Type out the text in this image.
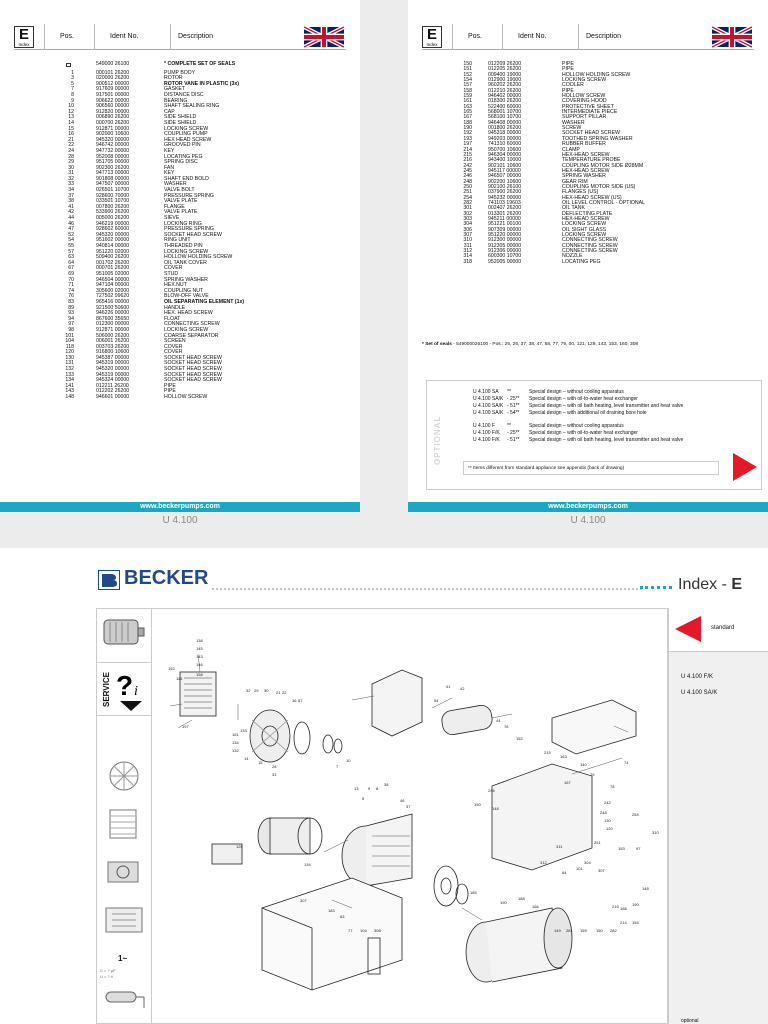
E
Index
Pos.	Ident No.	Description
549000 26100	* COMPLETE SET OF SEALS
1	000101 26200	PUMP BODY
3	020000 26200	ROTOR
5	900512 00000	ROTOR VANE IN PLASTIC (3x)
7	917609 00000	GASKET
8	917501 00000	DISTANCE DISC
9	906622 00000	BEARING
10	906560 00000	SHAFT SEALING RING
12	912820 00000	CAP
13	006890 26200	SIDE SHIELD
14	000700 26200	SIDE SHIELD
15	912871 00000	LOCKING SCREW
16	902000 10600	COUPLING PUMP
21	945320 00000	HEX HEAD SCREW
22	946742 00000	GROOVED PIN
24	947732 00000	KEY
28	952008 00000	LOCATING PEG
29	951705 00000	SPRING DISC
30	902300 26200	FAN
31	947713 00000	KEY
32	901808 00000	SHAFT END BOLD
33	947507 00000	WASHER
34	026501 10700	VALVE BOLT
37	928600 70000	PRESSURE SPRING
38	033501 10700	VALVE PLATE
41	007800 26200	FLANGE
42	533900 26200	VALVE PLATE
44	005000 26200	SIEVE
46	946219 00000	LOCKING RING
47	928602 60000	PRESSURE SPRING
52	945320 00000	SOCKET HEAD SCREW
54	951602 00000	RING UNIT
55	940814 00000	THREADED PIN
57	951220 02000	LOCKING SCREW
63	509400 26200	HOLLOW HOLDING SCREW
64	001702 26200	OIL TANK COVER
67	000701 26200	COVER
69	951005 02000	STUD
70	946504 00000	SPRING WASHER
71	947104 00000	HEX.NUT
74	305600 02000	COUPLING NUT
76	727502 99620	BLOW-OFF VALVE
83	965416 00000	OIL SEPARATING ELEMENT (1x)
89	921500 50600	HANDLE
93	946226 00000	HEX. HEAD SCREW
94	867600 35650	FLOAT
97	012300 00000	CONNECTING SCREW
98	912871 00000	LOCKING SCREW
101	506000 26200	COARSE SEPARATOR
104	006001 26200	SCREEN
118	003703 26200	COVER
120	916800 10600	COVER
130	945387 00000	SOCKET HEAD SCREW
131	945319 00000	SOCKET HEAD SCREW
132	945320 00000	SOCKET HEAD SCREW
133	945319 00000	SOCKET HEAD SCREW
134	945324 00000	SOCKET HEAD SCREW
141	012211 26200	PIPE
143	012202 26200	PIPE
148	946601 00000	HOLLOW SCREW
www.beckerpumps.com
U 4.100
E
Index
Pos.	Ident No.	Description
150	012209 26200	PIPE
151	012205 26200	PIPE
152	009400 19000	HOLLOW HOLDING SCREW
154	012900 19000	LOCKING SCREW
157	960202 26200	COOLER
158	012210 26200	PIPE
159	946402 00000	HOLLOW SCREW
161	018300 26200	COVERING HOOD
163	522400 60000	PROTECTIVE SHEET
165	568001 10700	INTERMEDIATE PIECE
167	568100 10700	SUPPORT PILLAR
188	946408 00000	WASHER
190	001800 26200	SCREW
192	945318 00000	SOCKET HEAD SCREW
193	949203 00000	TOOTHED SPRING WASHER
197	741310 60000	RUBBER BUFFER
214	950700 10600	CLAMP
215	946304 00000	HEX-HEAD SCREW
216	943400 10000	TEMPERATURE PROBE
242	902101 10600	COUPLING MOTOR SIDE Ø28MM
245	945117 00000	HEX-HEAD SCREW
246	946507 00000	SPRING WASHER
248	902200 10600	GEAR RIM
250	902100 26100	COUPLING MOTOR SIDE (US)
251	037900 26200	FLANGES (US)
254	945232 00000	HEX-HEAD SCREW (US)
282	741103 19603	OIL LEVEL CONTROL - OPTIONAL
301	002407 26200	OIL TANK
302	013301 26200	DEFLECTING PLATE
303	945211 00000	HEX-HEAD SCREW
304	951221 00100	LOCKING SCREW
306	907309 00000	OIL SIGHT GLASS
307	951220 00000	LOCKING SCREW
310	912300 00000	CONNECTING SCREW
311	912305 00000	CONNECTING SCREW
312	912306 00000	CONNECTING SCREW
314	600300 10700	NOZZLE
318	952005 00000	LOCATING PEG
* Set of seals - 549000026100 - Pos.: 25, 26, 37, 38, 47, 58, 77, 79, 00, 121, 129, 143, 153, 160, 308
OPTIONAL
U 4.100 SA **	Special design – without cooling apparatus
U 4.100 SA/K - 25** Special design – with oil-to-water heat exchanger
U 4.100 SA/K - 51** Special design – with oil bath heating, level transmitter and heat valve
U 4.100 SA/K - 54** Special design – with additional oil draining bore hole
U 4.100 F **	Special design – without cooling apparatus
U 4.100 F/K - 25** Special design – with oil-to-water heat exchanger
U 4.100 F/K - 51** Special design – with oil bath heating, level transmitter and heat valve
** Items different from standard appliance see appendix (back of drawing)
www.beckerpumps.com
U 4.100
BECKER	Index - E
SERVICE ? i
1~
C = ? μF
U = ? V
standard
U 4.100 F/K
U 4.100 SA/K
optional
138
145
143
146
158
152
113
197
161
134
132
133
32 29 30 21 22
16 57
28
31
15
14
13
5
9 8
7
10
46
37
38
54
41 42
44
76
152
163
79
78
74
130
120
125
134
63
77 104 308
307
183
185
190
188
166
148
150
246
215
140
167
242
254
248
251
153	97
310
311
312
64
101
304
307
216 188
190
148
149 281 159 150 282
214 154
